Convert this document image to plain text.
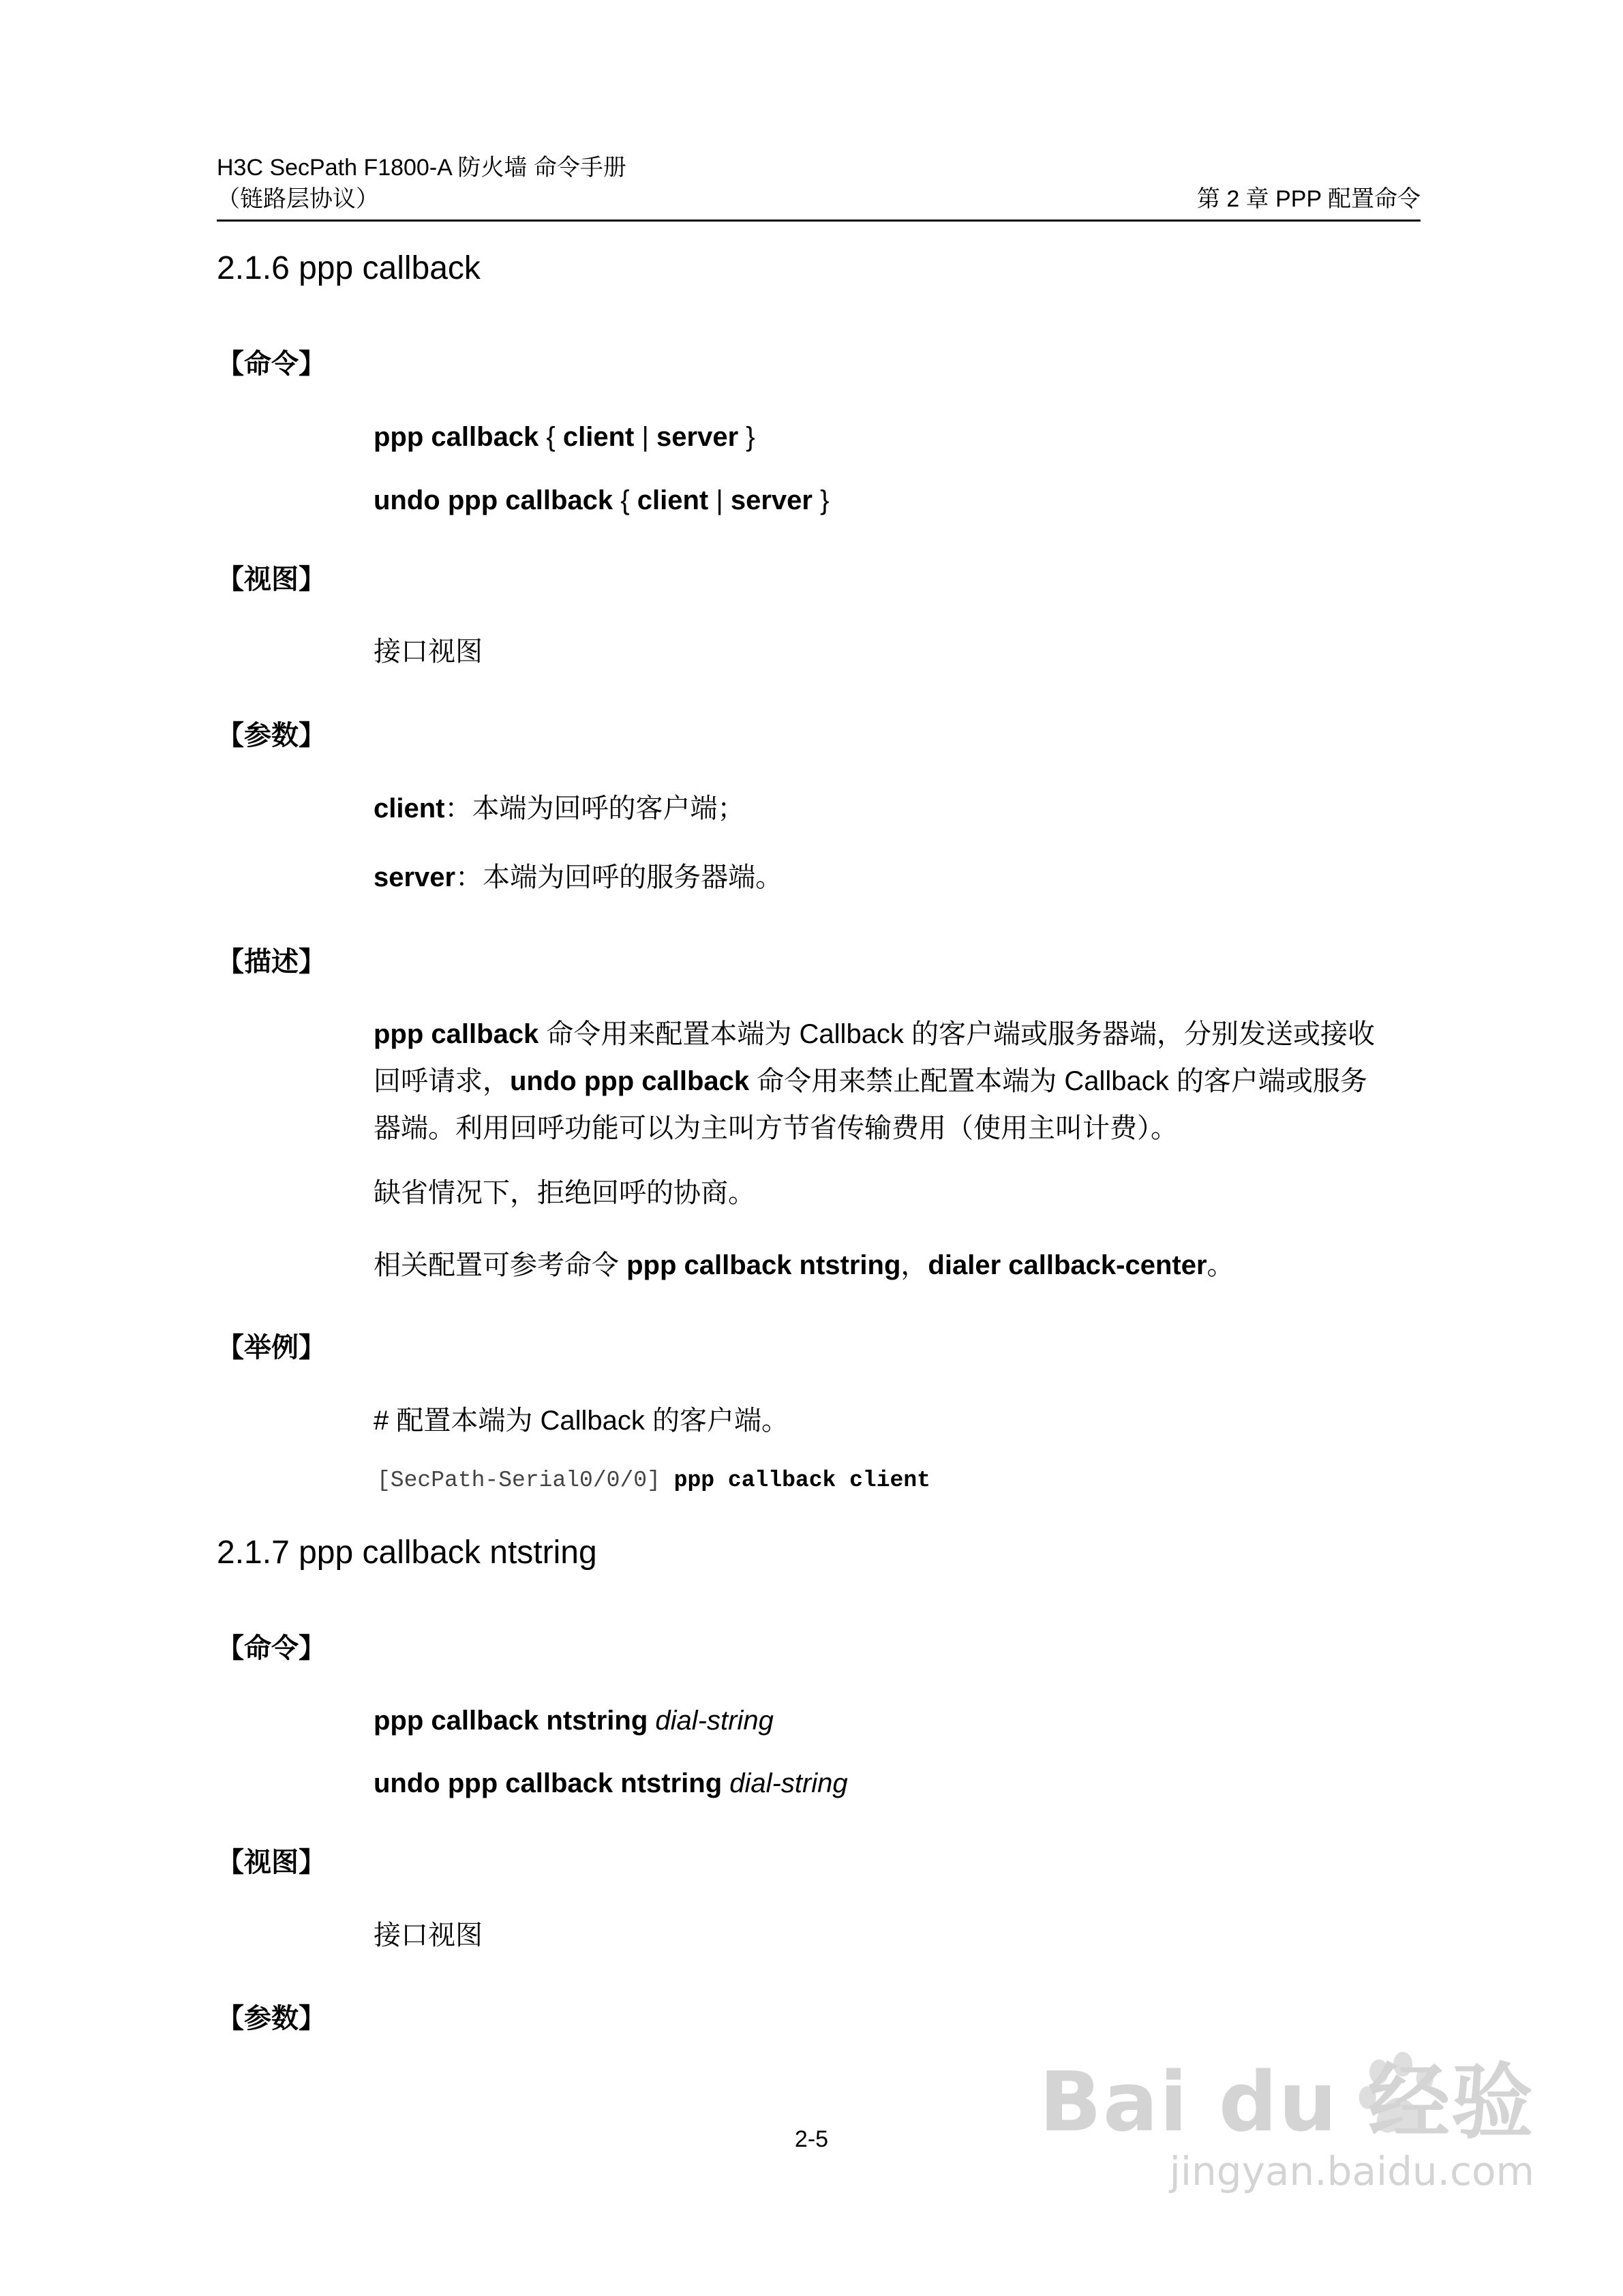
H3C SecPath F1800-A 防火墙 命令手册
（链路层协议）	第 2 章 PPP 配置命令
2.1.6 ppp callback
【命令】
ppp callback { client | server }
undo ppp callback { client | server }
【视图】
接口视图
【参数】
client：本端为回呼的客户端；
server：本端为回呼的服务器端。
【描述】
ppp callback 命令用来配置本端为 Callback 的客户端或服务器端，分别发送或接收
回呼请求，undo ppp callback 命令用来禁止配置本端为 Callback 的客户端或服务
器端。利用回呼功能可以为主叫方节省传输费用（使用主叫计费）。
缺省情况下，拒绝回呼的协商。
相关配置可参考命令 ppp callback ntstring，dialer callback-center。
【举例】
# 配置本端为 Callback 的客户端。
[SecPath-Serial0/0/0] ppp callback client
2.1.7 ppp callback ntstring
【命令】
ppp callback ntstring dial-string
undo ppp callback ntstring dial-string
【视图】
接口视图
【参数】
2-5	Bai du 经验
jingyan.baidu.com
